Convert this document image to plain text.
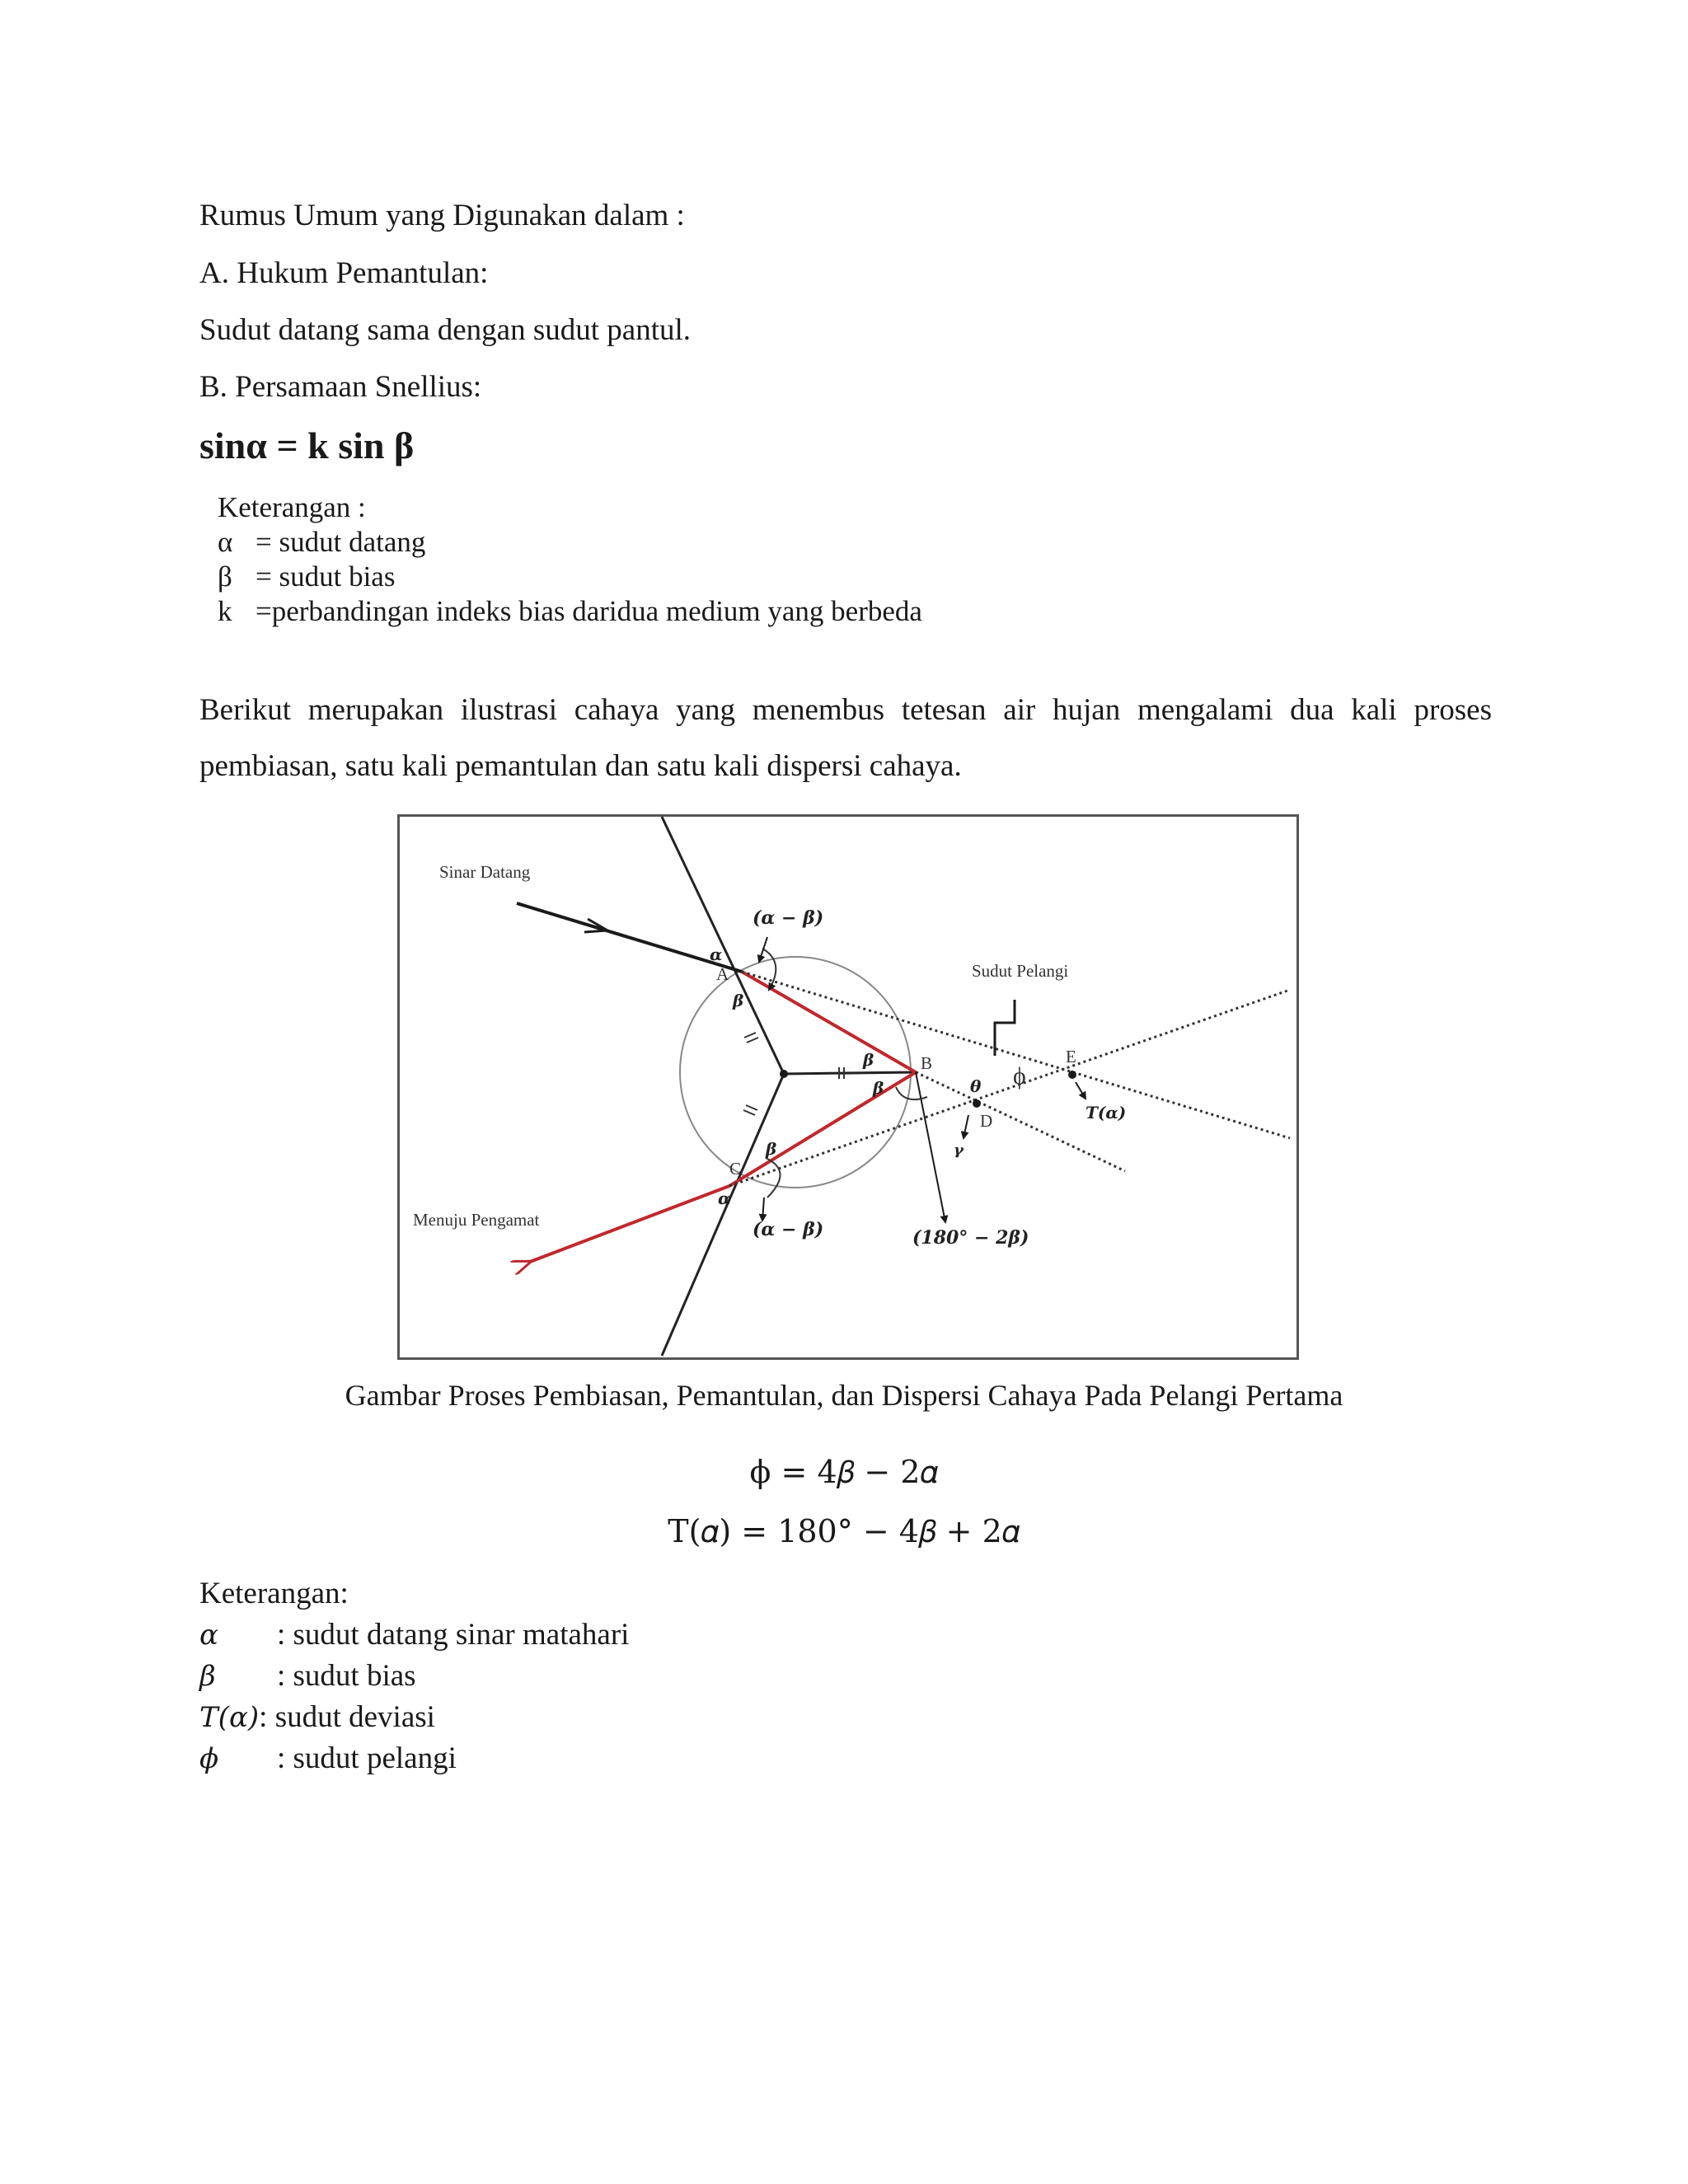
Rumus Umum yang Digunakan dalam :
A. Hukum Pemantulan:
Sudut datang sama dengan sudut pantul.
B. Persamaan Snellius:
sinα = k sin β
Keterangan :
α = sudut datang
β = sudut bias
k =perbandingan indeks bias daridua medium yang berbeda
Berikut merupakan ilustrasi cahaya yang menembus tetesan air hujan mengalami dua kali proses pembiasan, satu kali pemantulan dan satu kali dispersi cahaya.
Sinar Datang
Menuju Pengamat
Sudut Pelangi
(α − β)
(α − β)	(180° − 2β)
A
B
C
D
E
α
α
β
β
β
β
θ
γ
ϕ
T(α)
Gambar Proses Pembiasan, Pemantulan, dan Dispersi Cahaya Pada Pelangi Pertama
ϕ = 4𝛽 − 2𝛼
T(𝛼) = 180° − 4𝛽 + 2𝛼
Keterangan:
𝛼 : sudut datang sinar matahari
𝛽 : sudut bias
𝑇(𝛼): sudut deviasi
ϕ : sudut pelangi
